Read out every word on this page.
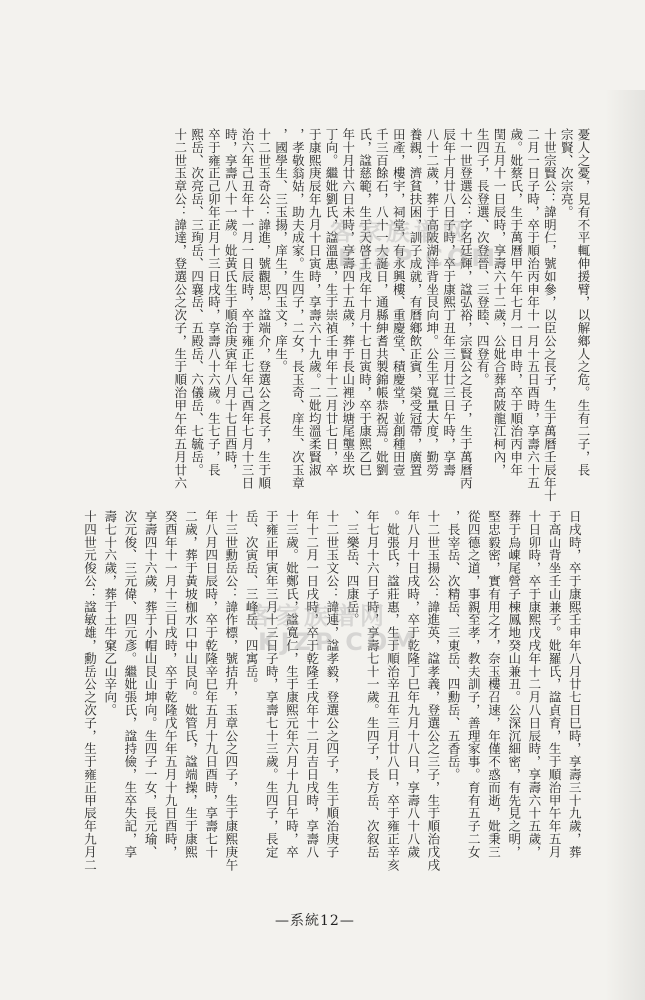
憂人之憂，見有不平輒伸援臂，以解鄉人之危。生有二子，長
宗賢、次宗亮。
十世宗賢公：諱明仁，號如參，以臣公之長子，生于萬曆壬辰年十
二月一日子時，卒于順治丙申年十一月十五日酉時，享壽六十五
歲。妣蔡氏，生于萬曆甲午年七月一日申時，卒于順治丙申年
閏五月十一日辰時，享壽六十二歲，公妣合葬高陂龍江柯內，
生四子，長登選、次登晉、三登睦、四登有。
十一世登選公：字名廷輝，諡弘裕，宗賢公之長子，生于萬曆丙
辰年十月廿八日子時，卒于康熙丁丑年三月廿三日午時，享壽
八十二歲，葬于高陂湖洋背坐艮向坤。公生平寬量大度，勤勞
養親，濟貧扶困，訓子成就，有曆鄉飲正賓，榮受冠帶，廣置
田產，樓宇，祠堂，有永興樓、重慶堂、積慶堂，並創種田壹
千三百餘石，八十一大誕日，通縣紳耆共製錦帳恭祝焉。妣劉
氏，諡慈範，生于天啓壬戌年十月十七日寅時，卒于康熙乙巳
年十月廿六日未時，享壽四十五歲，葬于長山裡沙塘尾壟坐坎
丁向。繼妣劉氏，諡溫惠，生于崇禎壬申年十二月廿七日，卒
于康熙庚辰年九月十日寅時，享壽六十九歲。二妣均溫柔賢淑
，孝敬翁姑，助夫成家。生四子，二女，長玉奇、庠生、次玉章
，國學生、三玉揚，庠生，四玉文，庠生。
十二世玉奇公：諱進，號觀思，諡端介，登選公之長子，生于順
治六年己丑年十一月一日辰時，卒于雍正七年己酉年七月十三日
時，享壽八十一歲。妣黃氏生于順治庚寅年八月十七日酉時，
卒于雍正己卯年正月十三日戌時，享壽八十六歲。生七子，長
熙岳、次亮岳、三珣岳、四襄岳、五殿岳、六儀岳、七毓岳。
十二世玉章公：諱達，登選公之次子，生于順治甲午年五月廿六
日戌時，卒于康熙壬申年八月廿七日巳時，享壽三十九歲，葬
于高山背坐壬山兼子。妣羅氏，諡貞育，生于順治甲午年五月
十日卯時，卒于康熙戊戌年十二月八日辰時，享壽六十五歲，
葬于烏崠尾營子棟鳳地癸山兼丑。公深沉細密，有先見之明，
堅忠毅密，實有用之才，奈玉樓召速，年僅不惑而逝，妣秉三
從四德之道，事親至孝，教夫訓子，善理家事。育有五子二女
，長宰岳、次精岳、三東岳、四勳岳、五香岳。
十二世玉揚公：諱進英，諡孝義，登選公之三子，生于順治戊戌
年八月十日戌時，卒于乾隆丁巳年九月十八日，享壽八十八歲
。妣張氏，諡莊惠，生于順治辛丑年三月廿八日，卒于雍正辛亥
年七月十六日子時，享壽七十一歲。生四子，長方岳、次叙岳
、三樂岳、四康岳。
十二世玉文公：諱連，諡孝毅，登選公之四子，生于順治庚子
年十二月一日戌時，卒于乾隆壬戌年十二月吉日戌時，享壽八
十三歲。妣鄭氏，諡寬仁，生于康熙元年六月十九日午時，卒
于雍正甲寅年三月十三日子時，享壽七十三歲。生四子，長定
岳、次寅岳、三峰岳、四寓岳。
十三世勳岳公：諱作標，號拮升，玉章公之四子，生于康熙庚午
年八月四日辰時，卒于乾隆辛巳年五月十九日酉時，享壽七十
二歲，葬于黃坡枷水口中山艮向。妣管氏，諡端操，生于康熙
癸酉年十一月十三日戌時，卒于乾隆戊午年五月十九日酉時，
享壽四十六歲，葬于小帽山艮山坤向。生四子一女，長元瑜、
次元俊、三元偉、四元彥。繼妣張氏，諡持儉，生卒失記，享
壽七十六歲，葬于土牛窠乙山辛向。
十四世元俊公：諡敏雄，勳岳公之次子，生于雍正甲辰年九月二
客家族谱网
KJZP.COM
客家族谱网
KJZP.COM
—系統12—
